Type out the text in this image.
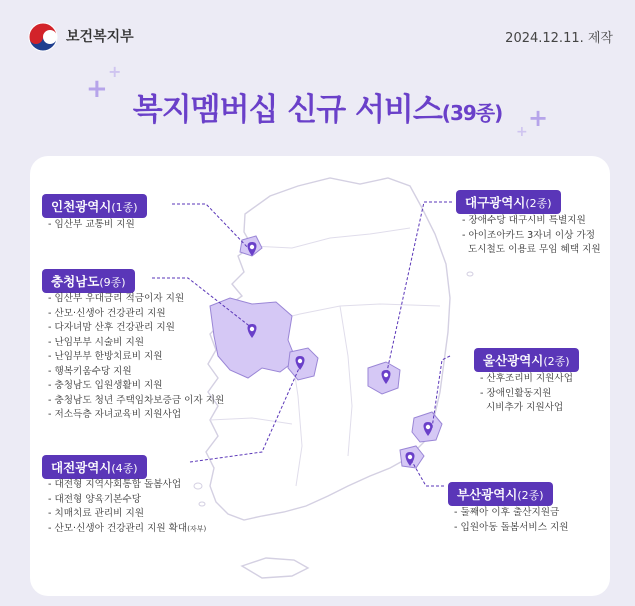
보건복지부	2024.12.11. 제작
+
+
+
+
복지멤버십 신규 서비스(39종)
인천광역시(1종)
- 임산부 교통비 지원
충청남도(9종)
- 임산부 우대금리 적금이자 지원
- 산모·신생아 건강관리 지원
- 다자녀맘 산후 건강관리 지원
- 난임부부 시술비 지원
- 난임부부 한방치료비 지원
- 행복키움수당 지원
- 충청남도 입원생활비 지원
- 충청남도 청년 주택임차보증금 이자 지원
- 저소득층 자녀교육비 지원사업
대전광역시(4종)
- 대전형 지역사회통합 돌봄사업
- 대전형 양육기본수당
- 치매치료 관리비 지원
- 산모·신생아 건강관리 지원 확대(자부)
대구광역시(2종)
- 장애수당 대구시비 특별지원
- 아이조아카드 3자녀 이상 가정
도시철도 이용료 무임 혜택 지원
울산광역시(2종)
- 산후조리비 지원사업
- 장애인활동지원
시비추가 지원사업
부산광역시(2종)
- 둘째아 이후 출산지원금
- 입원아동 돌봄서비스 지원
